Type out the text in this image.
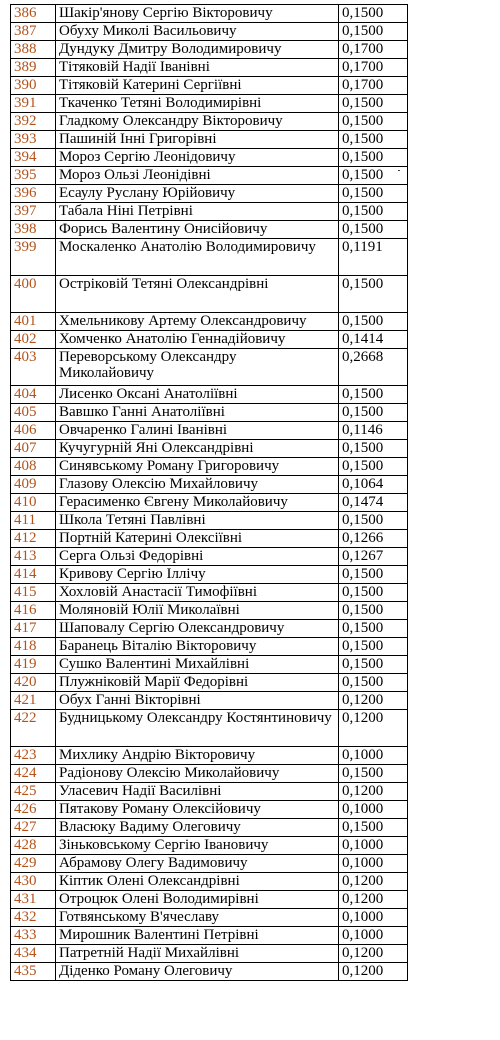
386	Шакір'янову Сергію Вікторовичу	0,1500
387	Обуху Миколі Васильовичу	0,1500
388	Дундуку Дмитру Володимировичу	0,1700
389	Тітяковій Надії Іванівні	0,1700
390	Тітяковій Катерині Сергіївні	0,1700
391	Ткаченко Тетяні Володимирівні	0,1500
392	Гладкому Олександру Вікторовичу	0,1500
393	Пашиній Інні Григорівні	0,1500
394	Мороз Сергію Леонідовичу	0,1500
395	Мороз Ользі Леонідівні	0,1500
396	Есаулу Руслану Юрійовичу	0,1500
397	Табала Ніні Петрівні	0,1500
398	Форись Валентину Онисійовичу	0,1500
399	Москаленко Анатолію Володимировичу	0,1191
400	Острiковій Тетяні Олександрівні	0,1500
401	Хмельникову Артему Олександровичу	0,1500
402	Хомченко Анатолію Геннадійовичу	0,1414
403	Переворському Олександру Миколайовичу	0,2668
404	Лисенко Оксані Анатоліївні	0,1500
405	Вавшко Ганні Анатоліївні	0,1500
406	Овчаренко Галині Іванівні	0,1146
407	Кучугурній Яні Олександрівні	0,1500
408	Синявському Роману Григоровичу	0,1500
409	Глазову Олексію Михайловичу	0,1064
410	Герасименко Євгену Миколайовичу	0,1474
411	Школа Тетяні Павлівні	0,1500
412	Портній Катерині Олексіївні	0,1266
413	Серга Ользі Федорівні	0,1267
414	Кривову Сергію Іллічу	0,1500
415	Хохловій Анастасії Тимофіївні	0,1500
416	Моляновій Юлії Миколаївні	0,1500
417	Шаповалу Сергію Олександровичу	0,1500
418	Баранець Віталію Вікторовичу	0,1500
419	Сушко Валентині Михайлівні	0,1500
420	Плужніковій Марії Федорівні	0,1500
421	Обух Ганні Вікторівні	0,1200
422	Будницькому Олександру Костянтиновичу	0,1200
423	Михлику Андрію Вікторовичу	0,1000
424	Радіонову Олексію Миколайовичу	0,1500
425	Уласевич Надії Василівні	0,1200
426	Пятакову Роману Олексійовичу	0,1000
427	Власюку Вадиму Олеговичу	0,1500
428	Зіньковському Сергію Івановичу	0,1000
429	Абрамову Олегу Вадимовичу	0,1000
430	Кіптик Олені Олександрівні	0,1200
431	Отроцюк Олені Володимирівні	0,1200
432	Готвянському В'ячеславу	0,1000
433	Мирошник Валентині Петрівні	0,1000
434	Патретній Надії Михайлівні	0,1200
435	Діденко Роману Олеговичу	0,1200
